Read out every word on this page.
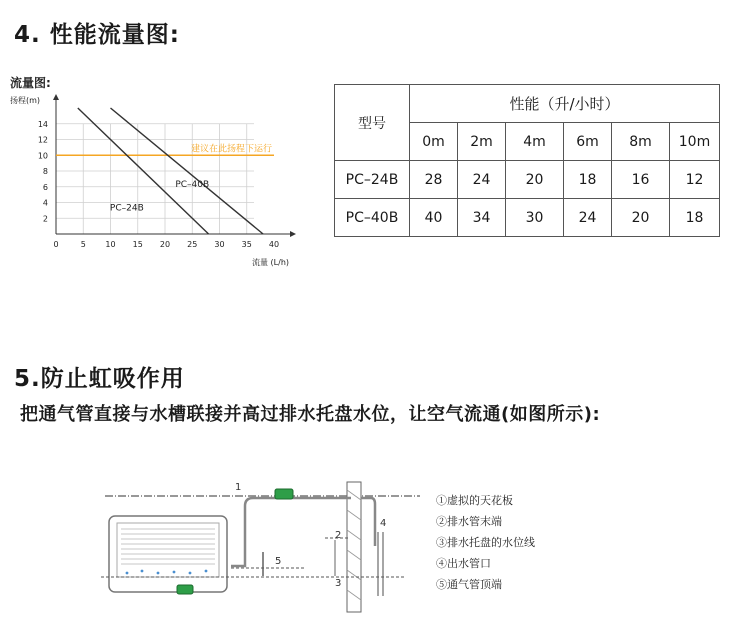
4. 性能流量图:
流量图:
扬程(m)
2
4
6
8
10
12
14
0	5 10 15 20 25 30 35 40
建议在此扬程下运行
PC–24B
PC–40B
流量 (L/h)
型号	性能（升/小时）					
	0m	2m	4m	6m	8m	10m
PC–24B	28	24	20	18	16	12
PC–40B	40	34	30	24	20	18
5.防止虹吸作用
把通气管直接与水槽联接并高过排水托盘水位，让空气流通(如图所示):
1
2
3
4
5
①虚拟的天花板
②排水管末端
③排水托盘的水位线
④出水管口
⑤通气管顶端
